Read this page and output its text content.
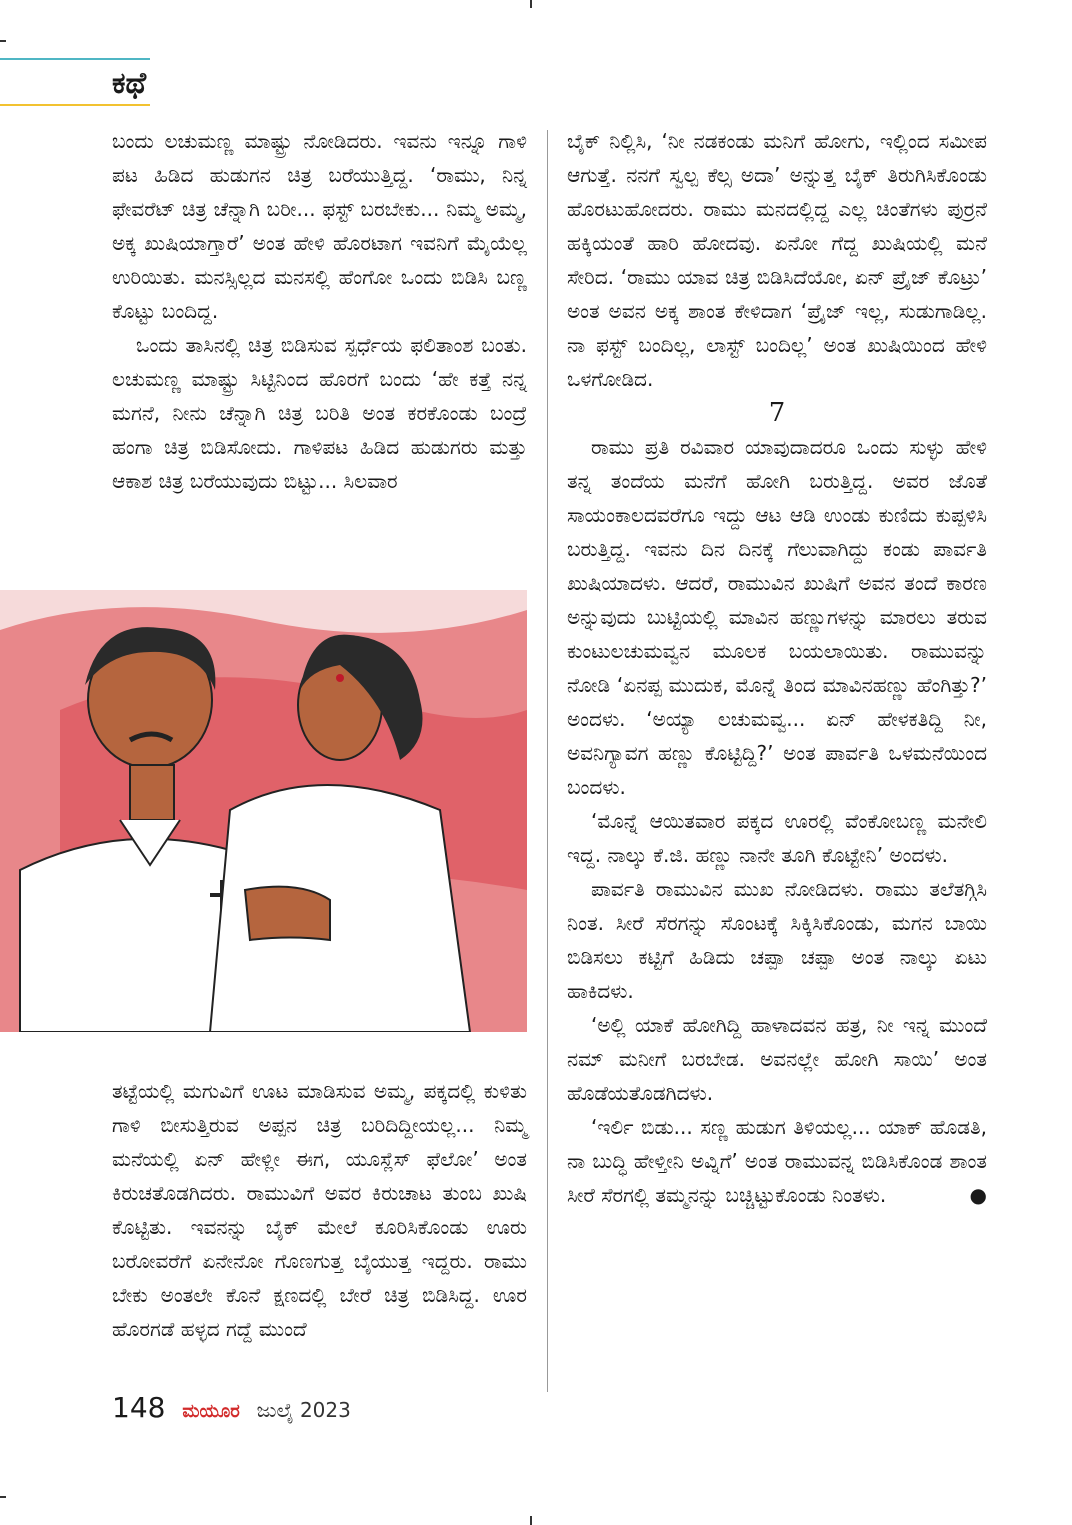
ಕಥೆ

ಬಂದು ಲಚುಮಣ್ಣ ಮಾಷ್ಟ್ರು ನೋಡಿದರು. ಇವನು ಇನ್ನೂ ಗಾಳಿ ಪಟ ಹಿಡಿದ ಹುಡುಗನ ಚಿತ್ರ ಬರೆಯುತ್ತಿದ್ದ. ‘ರಾಮು, ನಿನ್ನ ಫೇವರೆಟ್ ಚಿತ್ರ ಚೆನ್ನಾಗಿ ಬರೀ... ಫಸ್ಟ್ ಬರಬೇಕು... ನಿಮ್ಮ ಅಮ್ಮ, ಅಕ್ಕ ಖುಷಿಯಾಗ್ತಾರೆ’ ಅಂತ ಹೇಳಿ ಹೊರಟಾಗ ಇವನಿಗೆ ಮೈಯೆಲ್ಲ ಉರಿಯಿತು. ಮನಸ್ಸಿಲ್ಲದ ಮನಸಲ್ಲಿ ಹೆಂಗೋ ಒಂದು ಬಿಡಿಸಿ ಬಣ್ಣ ಕೊಟ್ಟು ಬಂದಿದ್ದ.

ಒಂದು ತಾಸಿನಲ್ಲಿ ಚಿತ್ರ ಬಿಡಿಸುವ ಸ್ಪರ್ಧೆಯ ಫಲಿತಾಂಶ ಬಂತು. ಲಚುಮಣ್ಣ ಮಾಷ್ಟ್ರು ಸಿಟ್ಟಿನಿಂದ ಹೊರಗೆ ಬಂದು ‘ಹೇ ಕತ್ತೆ ನನ್ನ ಮಗನೆ, ನೀನು ಚೆನ್ನಾಗಿ ಚಿತ್ರ ಬರಿತಿ ಅಂತ ಕರಕೊಂಡು ಬಂದ್ರೆ ಹಂಗಾ ಚಿತ್ರ ಬಿಡಿಸೋದು. ಗಾಳಿಪಟ ಹಿಡಿದ ಹುಡುಗರು ಮತ್ತು ಆಕಾಶ ಚಿತ್ರ ಬರೆಯುವುದು ಬಿಟ್ಟು... ಸಿಲವಾರ

ತಟ್ಟೆಯಲ್ಲಿ ಮಗುವಿಗೆ ಊಟ ಮಾಡಿಸುವ ಅಮ್ಮ, ಪಕ್ಕದಲ್ಲಿ ಕುಳಿತು ಗಾಳಿ ಬೀಸುತ್ತಿರುವ ಅಪ್ಪನ ಚಿತ್ರ ಬರಿದಿದ್ದೀಯಲ್ಲ... ನಿಮ್ಮ ಮನೆಯಲ್ಲಿ ಏನ್ ಹೇಳ್ಲೀ ಈಗ, ಯೂಸ್ಲೆಸ್ ಫೆಲೋ’ ಅಂತ ಕಿರುಚತೊಡಗಿದರು. ರಾಮುವಿಗೆ ಅವರ ಕಿರುಚಾಟ ತುಂಬ ಖುಷಿ ಕೊಟ್ಟಿತು. ಇವನನ್ನು ಬೈಕ್ ಮೇಲೆ ಕೂರಿಸಿಕೊಂಡು ಊರು ಬರೋವರೆಗೆ ಏನೇನೋ ಗೊಣಗುತ್ತ ಬೈಯುತ್ತ ಇದ್ದರು. ರಾಮು ಬೇಕು ಅಂತಲೇ ಕೊನೆ ಕ್ಷಣದಲ್ಲಿ ಬೇರೆ ಚಿತ್ರ ಬಿಡಿಸಿದ್ದ. ಊರ ಹೊರಗಡೆ ಹಳ್ಳದ ಗದ್ದೆ ಮುಂದೆ

ಬೈಕ್ ನಿಲ್ಲಿಸಿ, ‘ನೀ ನಡಕಂಡು ಮನಿಗೆ ಹೋಗು, ಇಲ್ಲಿಂದ ಸಮೀಪ ಆಗುತ್ತೆ. ನನಗೆ ಸ್ವಲ್ಪ ಕೆಲ್ಸ ಅದಾ’ ಅನ್ನುತ್ತ ಬೈಕ್ ತಿರುಗಿಸಿಕೊಂಡು ಹೊರಟುಹೋದರು. ರಾಮು ಮನದಲ್ಲಿದ್ದ ಎಲ್ಲ ಚಿಂತೆಗಳು ಪುರ್ರನೆ ಹಕ್ಕಿಯಂತೆ ಹಾರಿ ಹೋದವು. ಏನೋ ಗೆದ್ದ ಖುಷಿಯಲ್ಲಿ ಮನೆ ಸೇರಿದ. ‘ರಾಮು ಯಾವ ಚಿತ್ರ ಬಿಡಿಸಿದೆಯೋ, ಏನ್ ಪ್ರೈಜ್ ಕೊಟ್ರು’ ಅಂತ ಅವನ ಅಕ್ಕ ಶಾಂತ ಕೇಳಿದಾಗ ‘ಪ್ರೈಜ್ ಇಲ್ಲ, ಸುಡುಗಾಡಿಲ್ಲ. ನಾ ಫಸ್ಟ್ ಬಂದಿಲ್ಲ, ಲಾಸ್ಟ್ ಬಂದಿಲ್ಲ’ ಅಂತ ಖುಷಿಯಿಂದ ಹೇಳಿ ಒಳಗೋಡಿದ.

7

ರಾಮು ಪ್ರತಿ ರವಿವಾರ ಯಾವುದಾದರೂ ಒಂದು ಸುಳ್ಳು ಹೇಳಿ ತನ್ನ ತಂದೆಯ ಮನೆಗೆ ಹೋಗಿ ಬರುತ್ತಿದ್ದ. ಅವರ ಜೊತೆ ಸಾಯಂಕಾಲದವರೆಗೂ ಇದ್ದು ಆಟ ಆಡಿ ಉಂಡು ಕುಣಿದು ಕುಪ್ಪಳಿಸಿ ಬರುತ್ತಿದ್ದ. ಇವನು ದಿನ ದಿನಕ್ಕೆ ಗೆಲುವಾಗಿದ್ದು ಕಂಡು ಪಾರ್ವತಿ ಖುಷಿಯಾದಳು. ಆದರೆ, ರಾಮುವಿನ ಖುಷಿಗೆ ಅವನ ತಂದೆ ಕಾರಣ ಅನ್ನುವುದು ಬುಟ್ಟಿಯಲ್ಲಿ ಮಾವಿನ ಹಣ್ಣುಗಳನ್ನು ಮಾರಲು ತರುವ ಕುಂಟುಲಚುಮವ್ವನ ಮೂಲಕ ಬಯಲಾಯಿತು. ರಾಮುವನ್ನು ನೋಡಿ ‘ಏನಪ್ಪ ಮುದುಕ, ಮೊನ್ನೆ ತಿಂದ ಮಾವಿನಹಣ್ಣು ಹೆಂಗಿತ್ತು?’ ಅಂದಳು. ‘ಅಯ್ಯಾ ಲಚುಮವ್ವ... ಏನ್ ಹೇಳಕತಿದ್ದಿ ನೀ, ಅವನಿಗ್ಯಾವಗ ಹಣ್ಣು ಕೊಟ್ಟಿದ್ದಿ?’ ಅಂತ ಪಾರ್ವತಿ ಒಳಮನೆಯಿಂದ ಬಂದಳು.

‘ಮೊನ್ನೆ ಆಯಿತವಾರ ಪಕ್ಕದ ಊರಲ್ಲಿ ವೆಂಕೋಬಣ್ಣ ಮನೇಲಿ ಇದ್ದ. ನಾಲ್ಕು ಕೆ.ಜಿ. ಹಣ್ಣು ನಾನೇ ತೂಗಿ ಕೊಟ್ಟೇನಿ’ ಅಂದಳು.

ಪಾರ್ವತಿ ರಾಮುವಿನ ಮುಖ ನೋಡಿದಳು. ರಾಮು ತಲೆತಗ್ಗಿಸಿ ನಿಂತ. ಸೀರೆ ಸೆರಗನ್ನು ಸೊಂಟಕ್ಕೆ ಸಿಕ್ಕಿಸಿಕೊಂಡು, ಮಗನ ಬಾಯಿ ಬಿಡಿಸಲು ಕಟ್ಟಿಗೆ ಹಿಡಿದು ಚಪ್ಪಾ ಚಪ್ಪಾ ಅಂತ ನಾಲ್ಕು ಏಟು ಹಾಕಿದಳು.

‘ಅಲ್ಲಿ ಯಾಕೆ ಹೋಗಿದ್ದಿ ಹಾಳಾದವನ ಹತ್ರ, ನೀ ಇನ್ನ ಮುಂದೆ ನಮ್ ಮನೀಗೆ ಬರಬೇಡ. ಅವನಲ್ಲೇ ಹೋಗಿ ಸಾಯಿ’ ಅಂತ ಹೊಡೆಯತೊಡಗಿದಳು.

‘ಇರ್ಲಿ ಬಿಡು... ಸಣ್ಣ ಹುಡುಗ ತಿಳಿಯಲ್ಲ... ಯಾಕ್ ಹೊಡತಿ, ನಾ ಬುದ್ಧಿ ಹೇಳ್ತೀನಿ ಅವ್ನಿಗೆ’ ಅಂತ ರಾಮುವನ್ನ ಬಿಡಿಸಿಕೊಂಡ ಶಾಂತ ಸೀರೆ ಸೆರಗಲ್ಲಿ ತಮ್ಮನನ್ನು ಬಚ್ಚಿಟ್ಟುಕೊಂಡು ನಿಂತಳು.	●

148 ಮಯೂರ ಜುಲೈ 2023
